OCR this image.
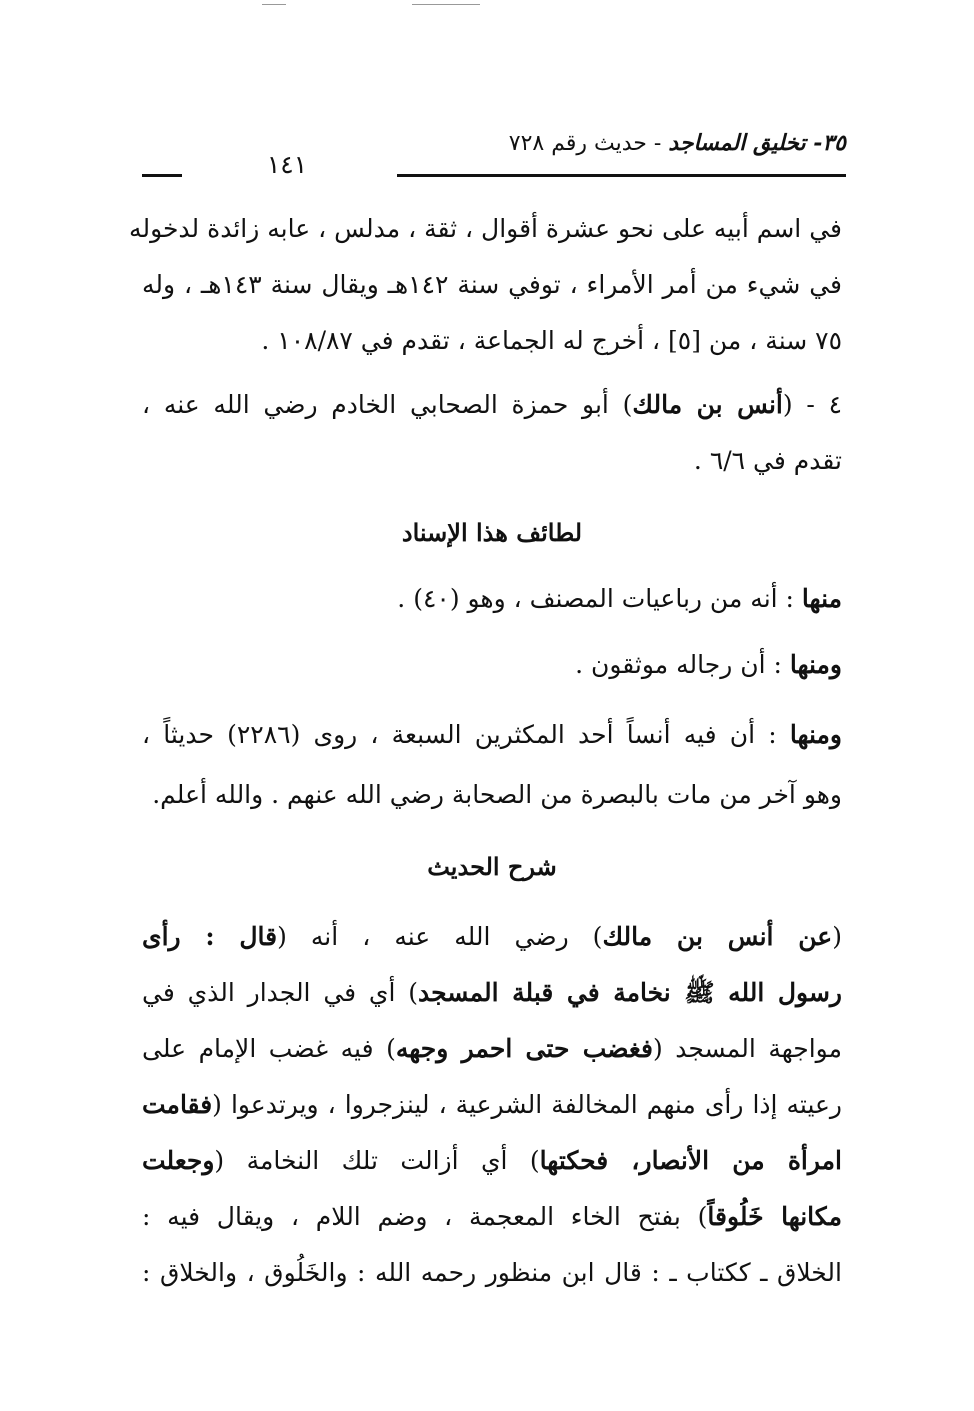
٣٥- تخليق المساجد - حديث رقم ٧٢٨
١٤١
في اسم أبيه على نحو عشرة أقوال ، ثقة ، مدلس ، عابه زائدة لدخوله
في شيء من أمر الأمراء ، توفي سنة ١٤٢هـ ويقال سنة ١٤٣هـ ، وله
٧٥ سنة ، من [٥] ، أخرج له الجماعة ، تقدم في ١٠٨/٨٧ .
٤ - (أنس بن مالك) أبو حمزة الصحابي الخادم رضي الله عنه ،
تقدم في ٦/٦ .
لطائف هذا الإسناد
منها : أنه من رباعيات المصنف ، وهو (٤٠) .
ومنها : أن رجاله موثقون .
ومنها : أن فيه أنساً أحد المكثرين السبعة ، روى (٢٢٨٦) حديثاً ،
وهو آخر من مات بالبصرة من الصحابة رضي الله عنهم . والله أعلم.
شرح الحديث
(عن أنس بن مالك) رضي الله عنه ، أنه (قال : رأى
رسول الله ﷺ نخامة في قبلة المسجد) أي في الجدار الذي في
مواجهة المسجد (فغضب حتى احمر وجهه) فيه غضب الإمام على
رعيته إذا رأى منهم المخالفة الشرعية ، لينزجروا ، ويرتدعوا (فقامت
امرأة من الأنصار، فحكتها) أي أزالت تلك النخامة (وجعلت
مكانها خَلُوقاً) بفتح الخاء المعجمة ، وضم اللام ، ويقال فيه :
الخلاق ـ ككتاب ـ : قال ابن منظور رحمه الله : والخَلُوق ، والخلاق :
